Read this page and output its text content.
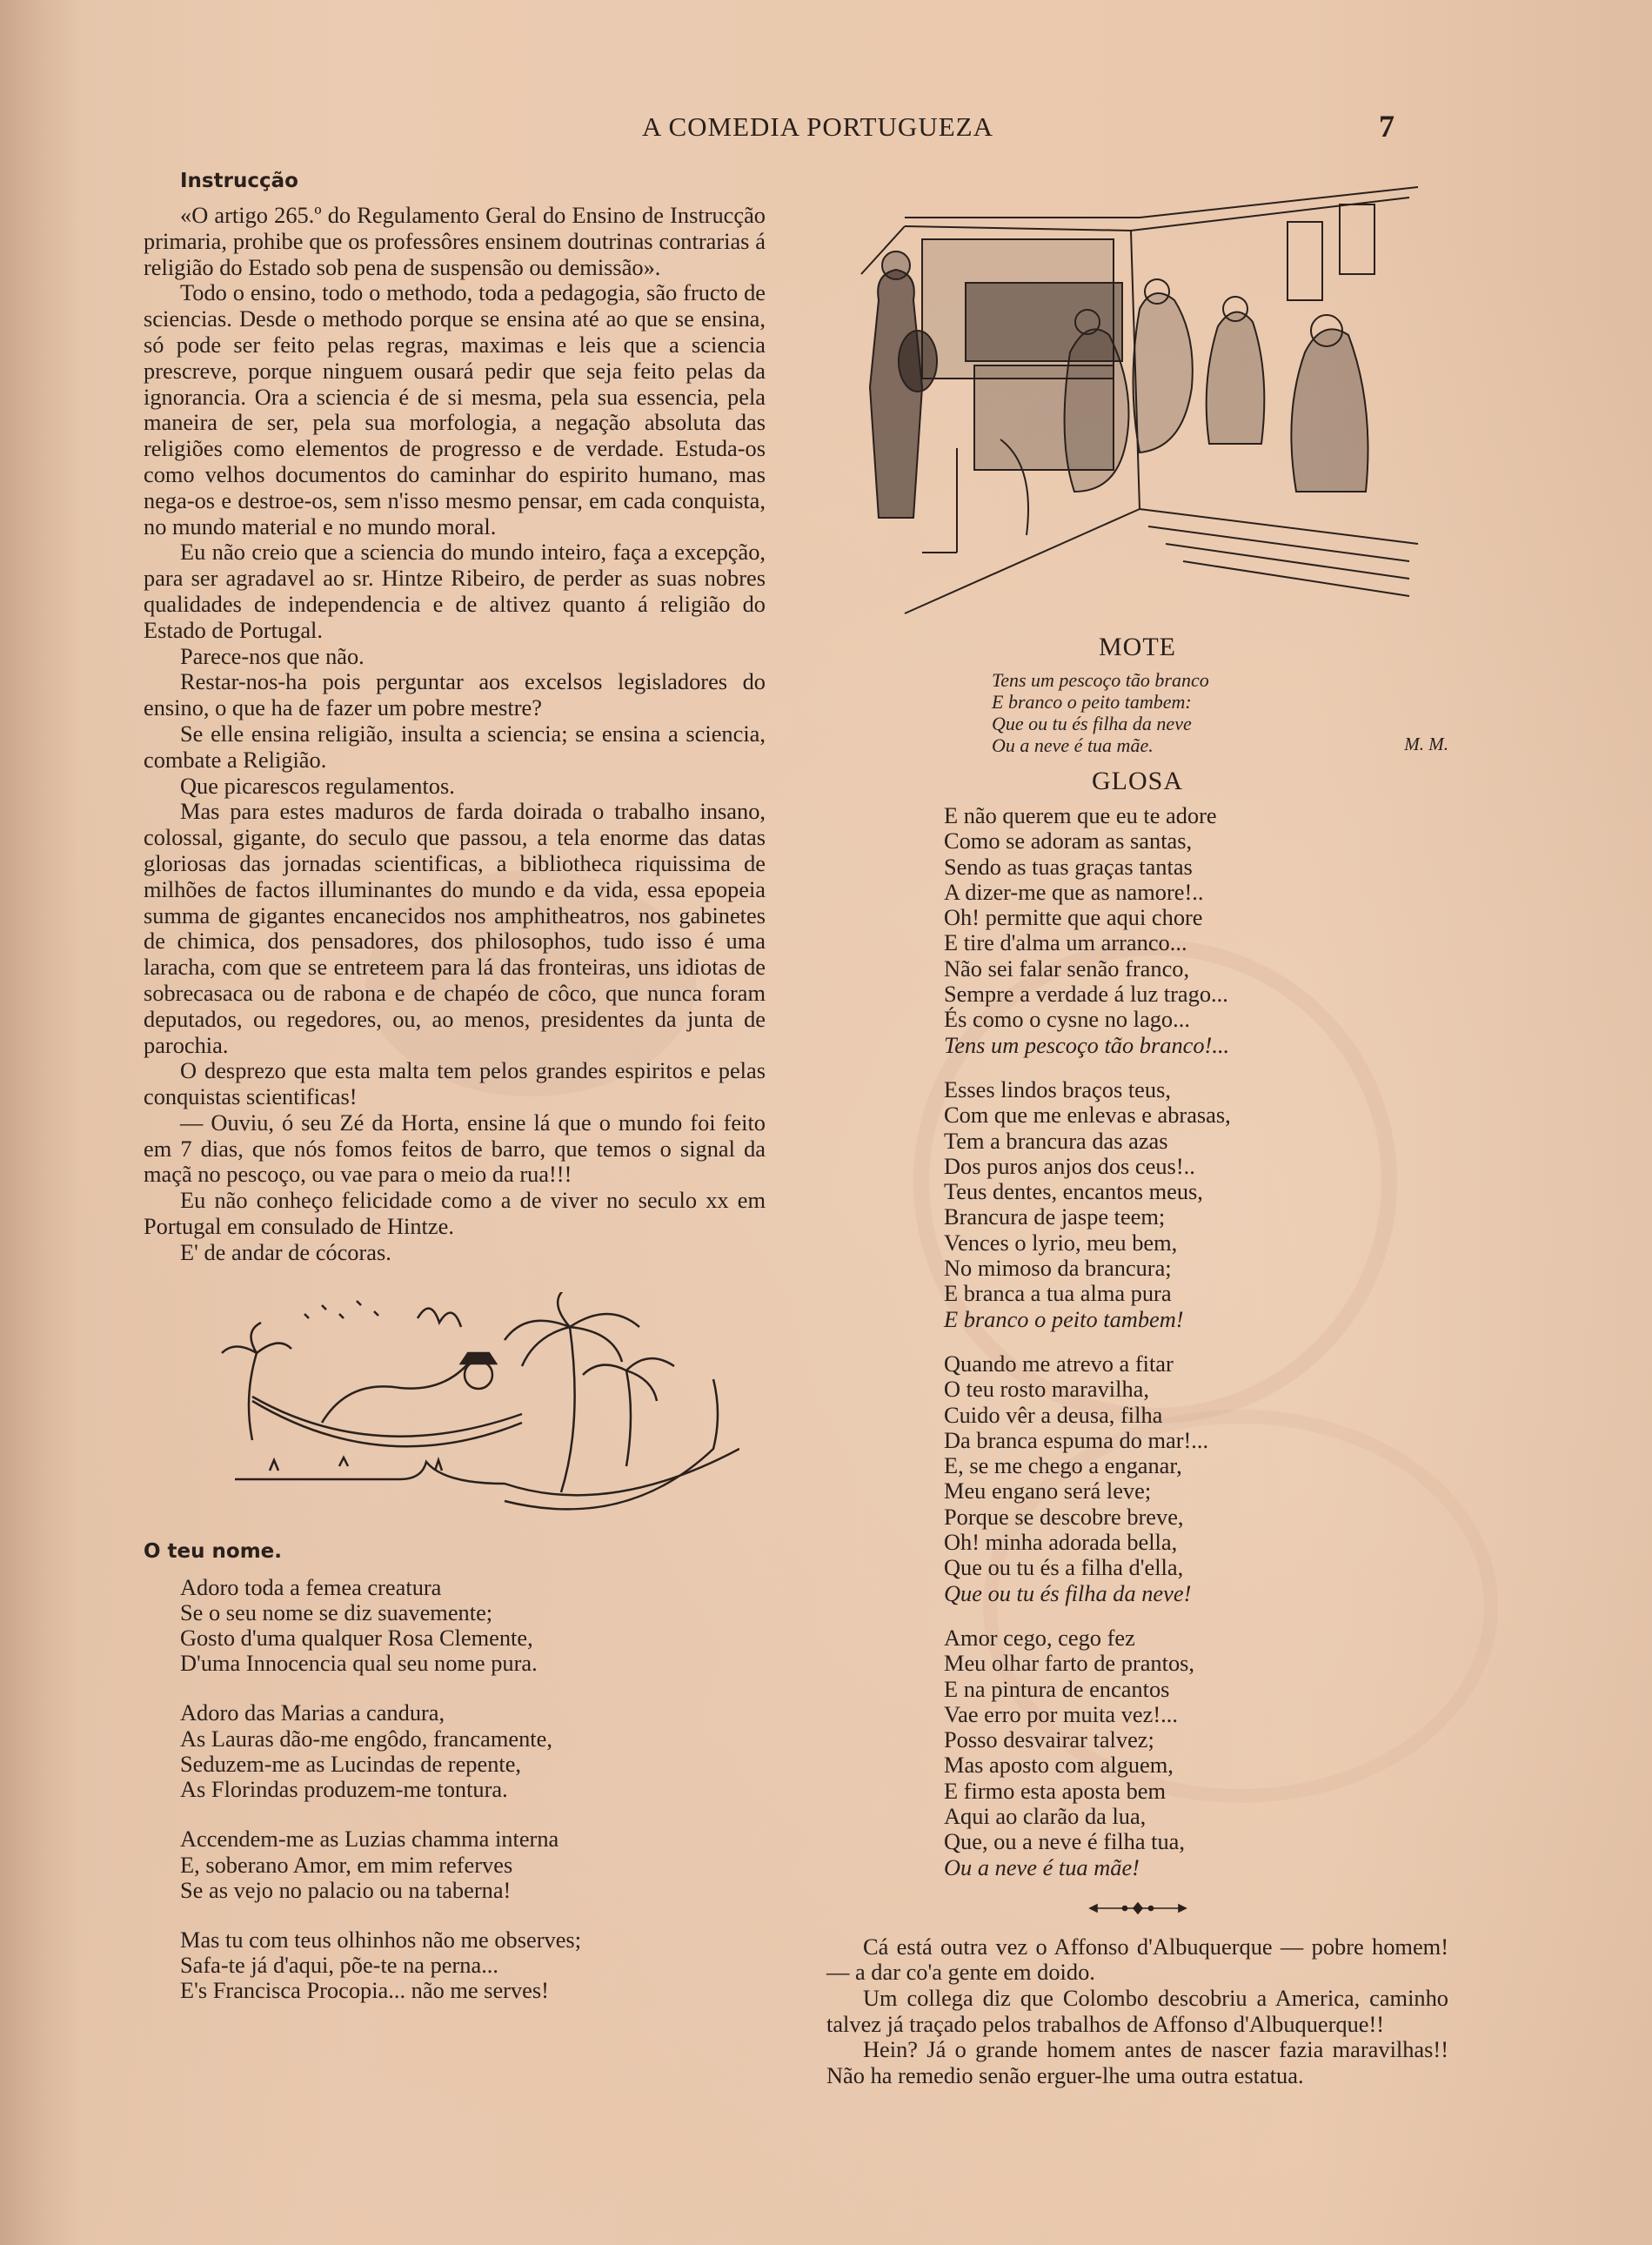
A COMEDIA PORTUGUEZA	7
Instrucção

«O artigo 265.º do Regulamento Geral do Ensino de Instrucção primaria, prohibe que os professôres ensinem doutrinas contrarias á religião do Estado sob pena de suspensão ou demissão».

Todo o ensino, todo o methodo, toda a pedagogia, são fructo de sciencias. Desde o methodo porque se ensina até ao que se ensina, só pode ser feito pelas regras, maximas e leis que a sciencia prescreve, porque ninguem ousará pedir que seja feito pelas da ignorancia. Ora a sciencia é de si mesma, pela sua essencia, pela maneira de ser, pela sua morfologia, a negação absoluta das religiões como elementos de progresso e de verdade. Estuda-os como velhos documentos do caminhar do espirito humano, mas nega-os e destroe-os, sem n'isso mesmo pensar, em cada conquista, no mundo material e no mundo moral.

Eu não creio que a sciencia do mundo inteiro, faça a excepção, para ser agradavel ao sr. Hintze Ribeiro, de perder as suas nobres qualidades de independencia e de altivez quanto á religião do Estado de Portugal.

Parece-nos que não.

Restar-nos-ha pois perguntar aos excelsos legisladores do ensino, o que ha de fazer um pobre mestre?

Se elle ensina religião, insulta a sciencia; se ensina a sciencia, combate a Religião.

Que picarescos regulamentos.

Mas para estes maduros de farda doirada o trabalho insano, colossal, gigante, do seculo que passou, a tela enorme das datas gloriosas das jornadas scientificas, a bibliotheca riquissima de milhões de factos illuminantes do mundo e da vida, essa epopeia summa de gigantes encanecidos nos amphitheatros, nos gabinetes de chimica, dos pensadores, dos philosophos, tudo isso é uma laracha, com que se entreteem para lá das fronteiras, uns idiotas de sobrecasaca ou de rabona e de chapéo de côco, que nunca foram deputados, ou regedores, ou, ao menos, presidentes da junta de parochia.

O desprezo que esta malta tem pelos grandes espiritos e pelas conquistas scientificas!

— Ouviu, ó seu Zé da Horta, ensine lá que o mundo foi feito em 7 dias, que nós fomos feitos de barro, que temos o signal da maçã no pescoço, ou vae para o meio da rua!!!

Eu não conheço felicidade como a de viver no seculo xx em Portugal em consulado de Hintze.

E' de andar de cócoras.

O teu nome.
Adoro toda a femea creatura
Se o seu nome se diz suavemente;
Gosto d'uma qualquer Rosa Clemente,
D'uma Innocencia qual seu nome pura.
Adoro das Marias a candura,
As Lauras dão-me engôdo, francamente,
Seduzem-me as Lucindas de repente,
As Florindas produzem-me tontura.
Accendem-me as Luzias chamma interna
E, soberano Amor, em mim referves
Se as vejo no palacio ou na taberna!
Mas tu com teus olhinhos não me observes;
Safa-te já d'aqui, põe-te na perna...
E's Francisca Procopia... não me serves!
MOTE
Tens um pescoço tão branco
E branco o peito tambem:
Que ou tu és filha da neve
Ou a neve é tua mãe.	M. M.
GLOSA
E não querem que eu te adore
Como se adoram as santas,
Sendo as tuas graças tantas
A dizer-me que as namore!..
Oh! permitte que aqui chore
E tire d'alma um arranco...
Não sei falar senão franco,
Sempre a verdade á luz trago...
És como o cysne no lago...
Tens um pescoço tão branco!...
Esses lindos braços teus,
Com que me enlevas e abrasas,
Tem a brancura das azas
Dos puros anjos dos ceus!..
Teus dentes, encantos meus,
Brancura de jaspe teem;
Vences o lyrio, meu bem,
No mimoso da brancura;
E branca a tua alma pura
E branco o peito tambem!
Quando me atrevo a fitar
O teu rosto maravilha,
Cuido vêr a deusa, filha
Da branca espuma do mar!...
E, se me chego a enganar,
Meu engano será leve;
Porque se descobre breve,
Oh! minha adorada bella,
Que ou tu és a filha d'ella,
Que ou tu és filha da neve!
Amor cego, cego fez
Meu olhar farto de prantos,
E na pintura de encantos
Vae erro por muita vez!...
Posso desvairar talvez;
Mas aposto com alguem,
E firmo esta aposta bem
Aqui ao clarão da lua,
Que, ou a neve é filha tua,
Ou a neve é tua mãe!

Cá está outra vez o Affonso d'Albuquerque — pobre homem! — a dar co'a gente em doido.

Um collega diz que Colombo descobriu a America, caminho talvez já traçado pelos trabalhos de Affonso d'Albuquerque!!

Hein? Já o grande homem antes de nascer fazia maravilhas!! Não ha remedio senão erguer-lhe uma outra estatua.
